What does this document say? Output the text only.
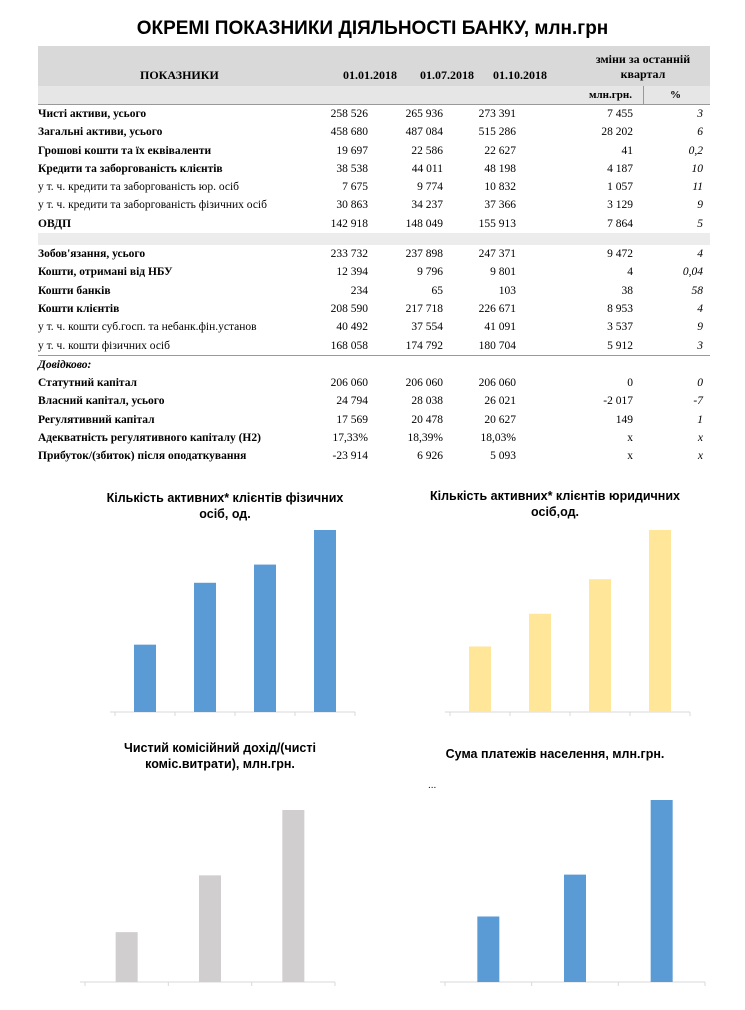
ОКРЕМІ ПОКАЗНИКИ ДІЯЛЬНОСТІ БАНКУ, млн.грн
ПОКАЗНИКИ	01.01.2018 01.07.2018 01.10.2018
зміни за останній квартал
млн.грн.	%
Чисті активи, усього	258 526	265 936	273 391	7 455	3
Загальні активи, усього	458 680	487 084	515 286	28 202	6
Грошові кошти та їх еквіваленти	19 697	22 586	22 627	41	0,2
Кредити та заборгованість клієнтів	38 538	44 011	48 198	4 187	10
у т. ч. кредити та заборгованість юр. осіб	7 675	9 774	10 832	1 057	11
у т. ч. кредити та заборгованість фізичних осіб	30 863	34 237	37 366	3 129	9
ОВДП	142 918	148 049	155 913	7 864	5
Зобов'язання, усього	233 732	237 898	247 371	9 472	4
Кошти, отримані від НБУ	12 394	9 796	9 801	4	0,04
Кошти банків	234	65	103	38	58
Кошти клієнтів	208 590	217 718	226 671	8 953	4
у т. ч. кошти суб.госп. та небанк.фін.установ	40 492	37 554	41 091	3 537	9
у т. ч. кошти фізичних осіб	168 058	174 792	180 704	5 912	3
Довідково:
Статутний капітал	206 060	206 060	206 060	0	0
Власний капітал, усього	24 794	28 038	26 021	-2 017	-7
Регулятивний капітал	17 569	20 478	20 627	149	1
Адекватність регулятивного капіталу (Н2)	17,33%	18,39%	18,03%	x	x
Прибуток/(збиток) після оподаткування	-23 914	6 926	5 093	x	x
Кількість активних* клієнтів фізичних осіб, од.
Кількість активних* клієнтів юридичних осіб,од.
Чистий комісійний дохід/(чисті коміс.витрати), млн.грн.
Сума платежів населення, млн.грн.
...
